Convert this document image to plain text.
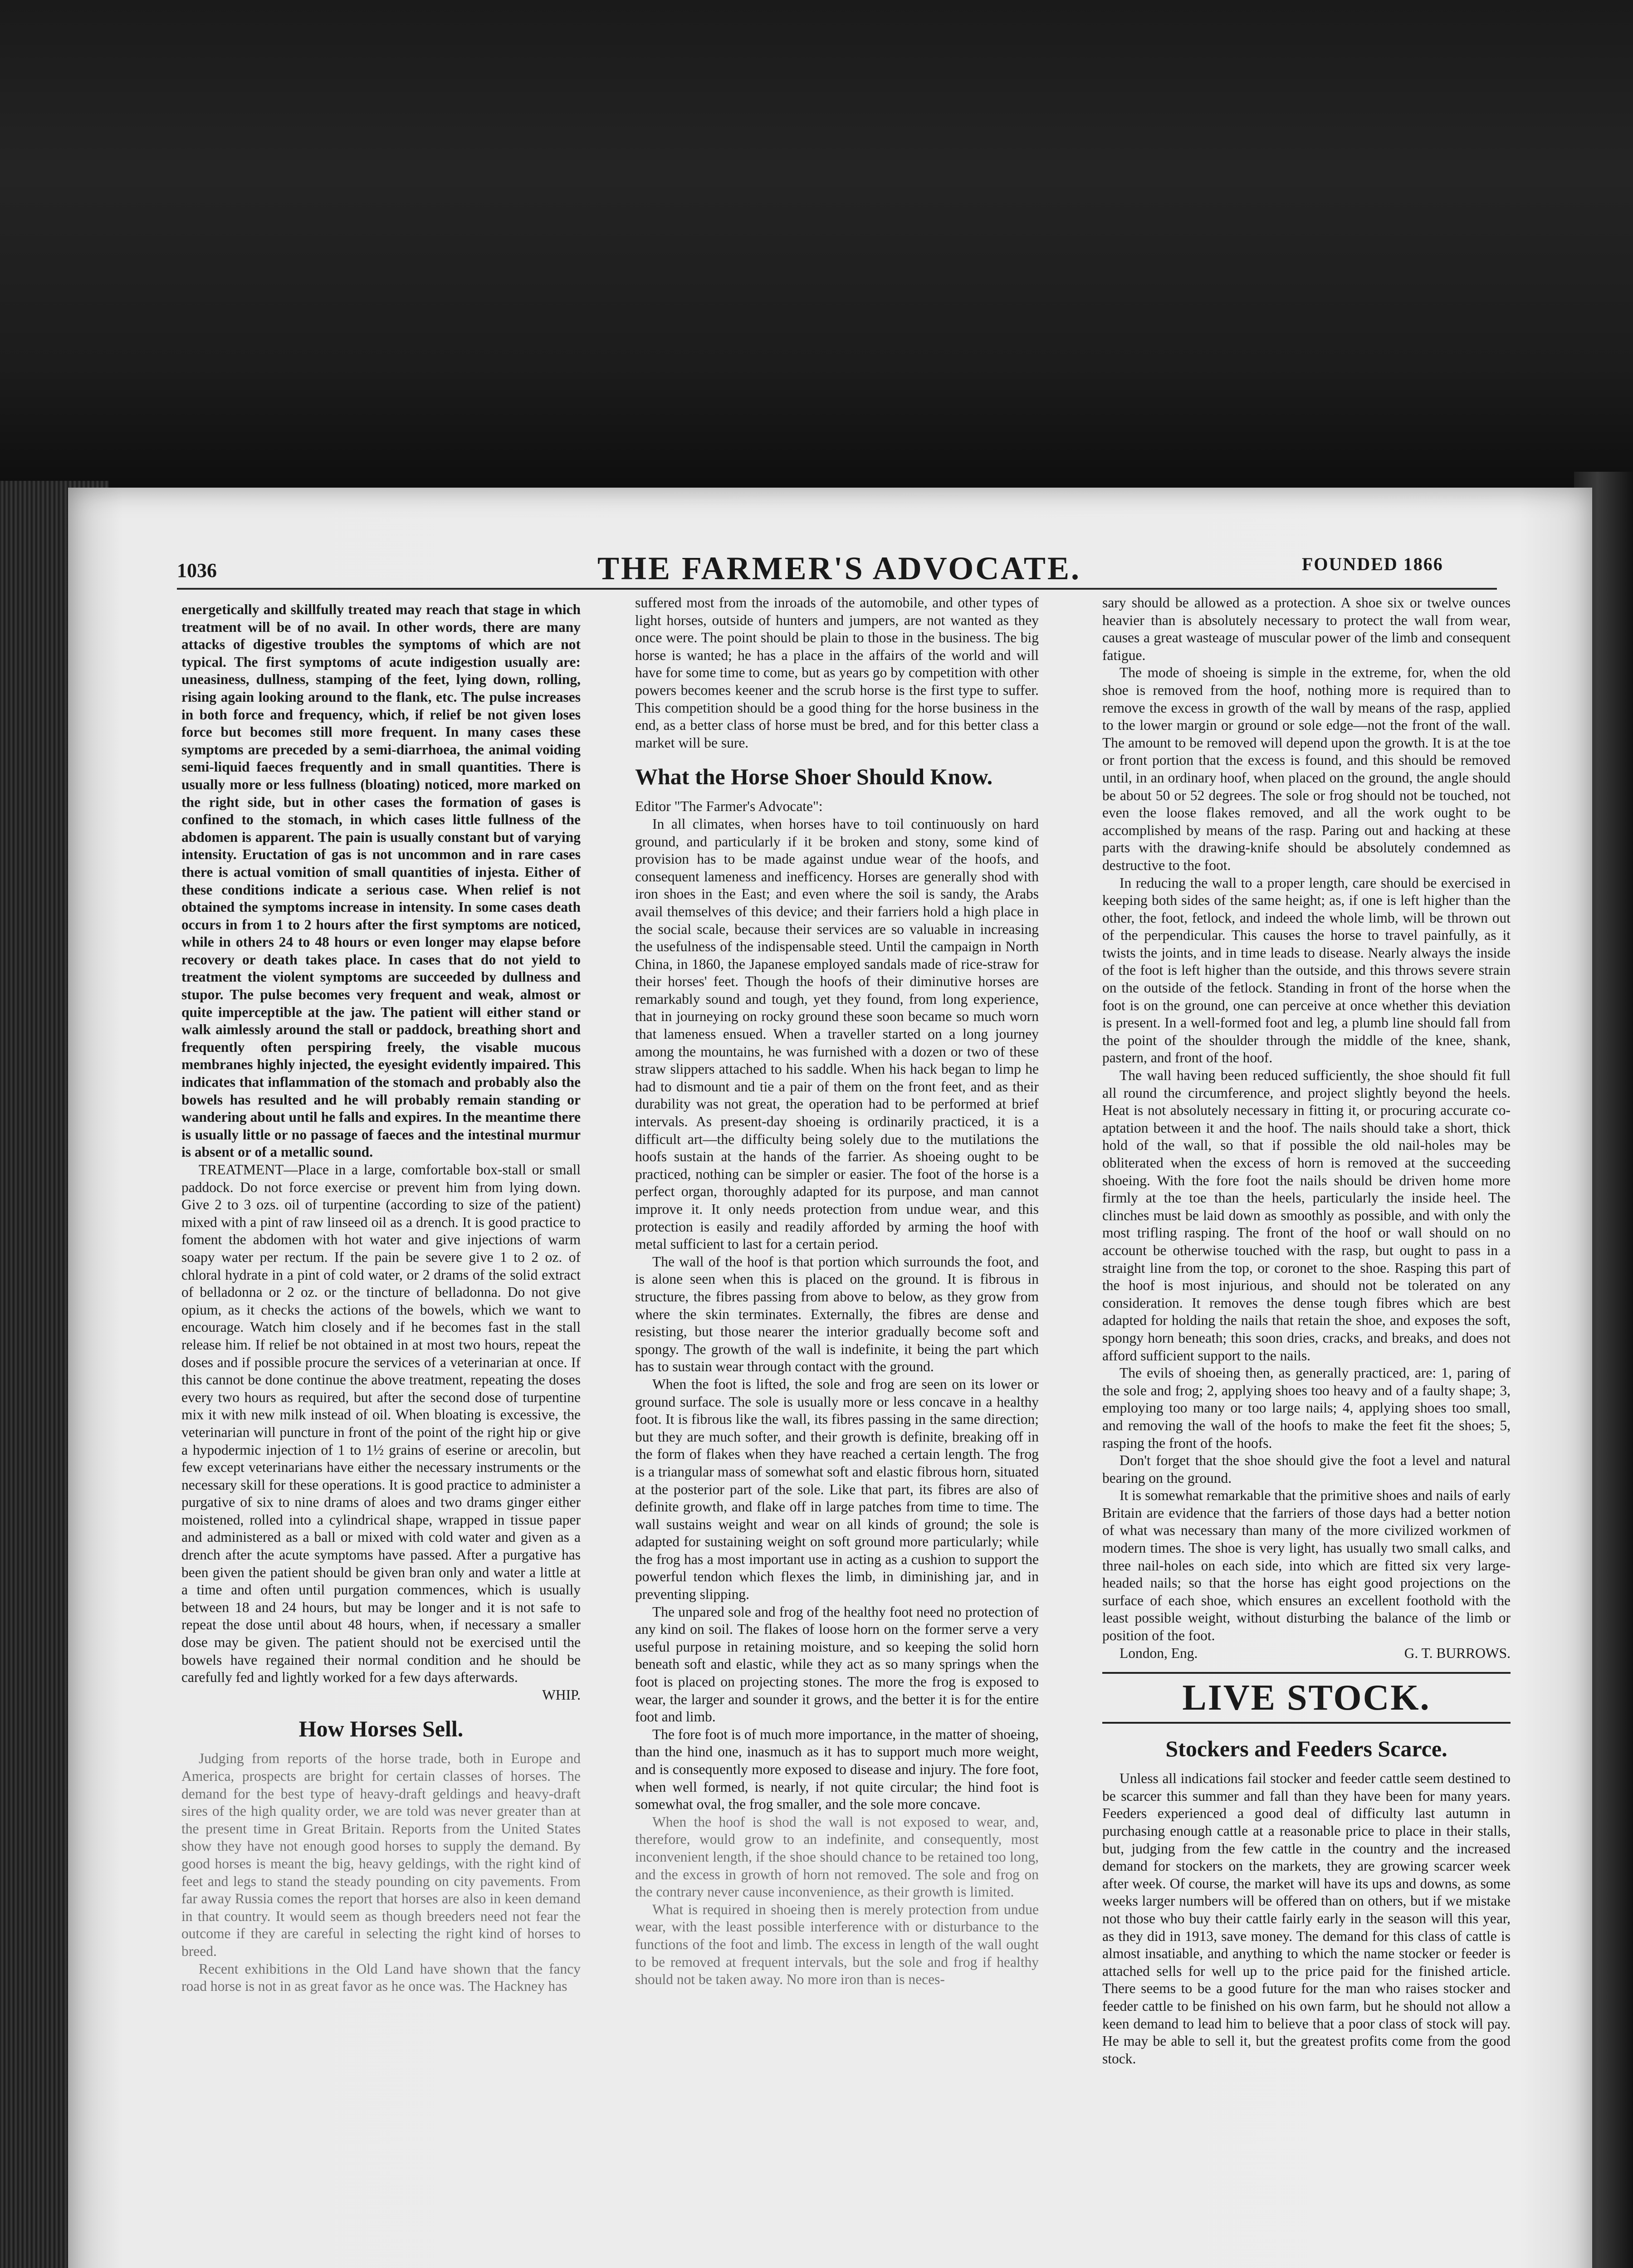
1036	THE FARMER'S ADVOCATE.	FOUNDED 1866

energetically and skillfully treated may reach that stage in which treatment will be of no avail. In other words, there are many attacks of digestive troubles the symptoms of which are not typical. The first symptoms of acute indigestion usually are: uneasiness, dullness, stamping of the feet, lying down, rolling, rising again looking around to the flank, etc. The pulse increases in both force and frequency, which, if relief be not given loses force but becomes still more frequent. In many cases these symptoms are preceded by a semi-diarrhoea, the animal voiding semi-liquid faeces frequently and in small quantities. There is usually more or less fullness (bloating) noticed, more marked on the right side, but in other cases the formation of gases is confined to the stomach, in which cases little fullness of the abdomen is apparent. The pain is usually constant but of varying intensity. Eructation of gas is not uncommon and in rare cases there is actual vomition of small quantities of injesta. Either of these conditions indicate a serious case. When relief is not obtained the symptoms increase in intensity. In some cases death occurs in from 1 to 2 hours after the first symptoms are noticed, while in others 24 to 48 hours or even longer may elapse before recovery or death takes place. In cases that do not yield to treatment the violent symptoms are succeeded by dullness and stupor. The pulse becomes very frequent and weak, almost or quite imperceptible at the jaw. The patient will either stand or walk aimlessly around the stall or paddock, breathing short and frequently often perspiring freely, the visable mucous membranes highly injected, the eyesight evidently impaired. This indicates that inflammation of the stomach and probably also the bowels has resulted and he will probably remain standing or wandering about until he falls and expires. In the meantime there is usually little or no passage of faeces and the intestinal murmur is absent or of a metallic sound.

TREATMENT—Place in a large, comfortable box-stall or small paddock. Do not force exercise or prevent him from lying down. Give 2 to 3 ozs. oil of turpentine (according to size of the patient) mixed with a pint of raw linseed oil as a drench. It is good practice to foment the abdomen with hot water and give injections of warm soapy water per rectum. If the pain be severe give 1 to 2 oz. of chloral hydrate in a pint of cold water, or 2 drams of the solid extract of belladonna or 2 oz. or the tincture of belladonna. Do not give opium, as it checks the actions of the bowels, which we want to encourage. Watch him closely and if he becomes fast in the stall release him. If relief be not obtained in at most two hours, repeat the doses and if possible procure the services of a veterinarian at once. If this cannot be done continue the above treatment, repeating the doses every two hours as required, but after the second dose of turpentine mix it with new milk instead of oil. When bloating is excessive, the veterinarian will puncture in front of the point of the right hip or give a hypodermic injection of 1 to 1½ grains of eserine or arecolin, but few except veterinarians have either the necessary instruments or the necessary skill for these operations. It is good practice to administer a purgative of six to nine drams of aloes and two drams ginger either moistened, rolled into a cylindrical shape, wrapped in tissue paper and administered as a ball or mixed with cold water and given as a drench after the acute symptoms have passed. After a purgative has been given the patient should be given bran only and water a little at a time and often until purgation commences, which is usually between 18 and 24 hours, but may be longer and it is not safe to repeat the dose until about 48 hours, when, if necessary a smaller dose may be given. The patient should not be exercised until the bowels have regained their normal condition and he should be carefully fed and lightly worked for a few days afterwards.

WHIP.

How Horses Sell.

Judging from reports of the horse trade, both in Europe and America, prospects are bright for certain classes of horses. The demand for the best type of heavy-draft geldings and heavy-draft sires of the high quality order, we are told was never greater than at the present time in Great Britain. Reports from the United States show they have not enough good horses to supply the demand. By good horses is meant the big, heavy geldings, with the right kind of feet and legs to stand the steady pounding on city pavements. From far away Russia comes the report that horses are also in keen demand in that country. It would seem as though breeders need not fear the outcome if they are careful in selecting the right kind of horses to breed.

Recent exhibitions in the Old Land have shown that the fancy road horse is not in as great favor as he once was. The Hackney has

suffered most from the inroads of the automobile, and other types of light horses, outside of hunters and jumpers, are not wanted as they once were. The point should be plain to those in the business. The big horse is wanted; he has a place in the affairs of the world and will have for some time to come, but as years go by competition with other powers becomes keener and the scrub horse is the first type to suffer. This competition should be a good thing for the horse business in the end, as a better class of horse must be bred, and for this better class a market will be sure.

What the Horse Shoer Should Know.

Editor "The Farmer's Advocate":

In all climates, when horses have to toil continuously on hard ground, and particularly if it be broken and stony, some kind of provision has to be made against undue wear of the hoofs, and consequent lameness and inefficency. Horses are generally shod with iron shoes in the East; and even where the soil is sandy, the Arabs avail themselves of this device; and their farriers hold a high place in the social scale, because their services are so valuable in increasing the usefulness of the indispensable steed. Until the campaign in North China, in 1860, the Japanese employed sandals made of rice-straw for their horses' feet. Though the hoofs of their diminutive horses are remarkably sound and tough, yet they found, from long experience, that in journeying on rocky ground these soon became so much worn that lameness ensued. When a traveller started on a long journey among the mountains, he was furnished with a dozen or two of these straw slippers attached to his saddle. When his hack began to limp he had to dismount and tie a pair of them on the front feet, and as their durability was not great, the operation had to be performed at brief intervals. As present-day shoeing is ordinarily practiced, it is a difficult art—the difficulty being solely due to the mutilations the hoofs sustain at the hands of the farrier. As shoeing ought to be practiced, nothing can be simpler or easier. The foot of the horse is a perfect organ, thoroughly adapted for its purpose, and man cannot improve it. It only needs protection from undue wear, and this protection is easily and readily afforded by arming the hoof with metal sufficient to last for a certain period.

The wall of the hoof is that portion which surrounds the foot, and is alone seen when this is placed on the ground. It is fibrous in structure, the fibres passing from above to below, as they grow from where the skin terminates. Externally, the fibres are dense and resisting, but those nearer the interior gradually become soft and spongy. The growth of the wall is indefinite, it being the part which has to sustain wear through contact with the ground.

When the foot is lifted, the sole and frog are seen on its lower or ground surface. The sole is usually more or less concave in a healthy foot. It is fibrous like the wall, its fibres passing in the same direction; but they are much softer, and their growth is definite, breaking off in the form of flakes when they have reached a certain length. The frog is a triangular mass of somewhat soft and elastic fibrous horn, situated at the posterior part of the sole. Like that part, its fibres are also of definite growth, and flake off in large patches from time to time. The wall sustains weight and wear on all kinds of ground; the sole is adapted for sustaining weight on soft ground more particularly; while the frog has a most important use in acting as a cushion to support the powerful tendon which flexes the limb, in diminishing jar, and in preventing slipping.

The unpared sole and frog of the healthy foot need no protection of any kind on soil. The flakes of loose horn on the former serve a very useful purpose in retaining moisture, and so keeping the solid horn beneath soft and elastic, while they act as so many springs when the foot is placed on projecting stones. The more the frog is exposed to wear, the larger and sounder it grows, and the better it is for the entire foot and limb.

The fore foot is of much more importance, in the matter of shoeing, than the hind one, inasmuch as it has to support much more weight, and is consequently more exposed to disease and injury. The fore foot, when well formed, is nearly, if not quite circular; the hind foot is somewhat oval, the frog smaller, and the sole more concave.

When the hoof is shod the wall is not exposed to wear, and, therefore, would grow to an indefinite, and consequently, most inconvenient length, if the shoe should chance to be retained too long, and the excess in growth of horn not removed. The sole and frog on the contrary never cause inconvenience, as their growth is limited.

What is required in shoeing then is merely protection from undue wear, with the least possible interference with or disturbance to the functions of the foot and limb. The excess in length of the wall ought to be removed at frequent intervals, but the sole and frog if healthy should not be taken away. No more iron than is neces-

sary should be allowed as a protection. A shoe six or twelve ounces heavier than is absolutely necessary to protect the wall from wear, causes a great wasteage of muscular power of the limb and consequent fatigue.

The mode of shoeing is simple in the extreme, for, when the old shoe is removed from the hoof, nothing more is required than to remove the excess in growth of the wall by means of the rasp, applied to the lower margin or ground or sole edge—not the front of the wall. The amount to be removed will depend upon the growth. It is at the toe or front portion that the excess is found, and this should be removed until, in an ordinary hoof, when placed on the ground, the angle should be about 50 or 52 degrees. The sole or frog should not be touched, not even the loose flakes removed, and all the work ought to be accomplished by means of the rasp. Paring out and hacking at these parts with the drawing-knife should be absolutely condemned as destructive to the foot.

In reducing the wall to a proper length, care should be exercised in keeping both sides of the same height; as, if one is left higher than the other, the foot, fetlock, and indeed the whole limb, will be thrown out of the perpendicular. This causes the horse to travel painfully, as it twists the joints, and in time leads to disease. Nearly always the inside of the foot is left higher than the outside, and this throws severe strain on the outside of the fetlock. Standing in front of the horse when the foot is on the ground, one can perceive at once whether this deviation is present. In a well-formed foot and leg, a plumb line should fall from the point of the shoulder through the middle of the knee, shank, pastern, and front of the hoof.

The wall having been reduced sufficiently, the shoe should fit full all round the circumference, and project slightly beyond the heels. Heat is not absolutely necessary in fitting it, or procuring accurate co-aptation between it and the hoof. The nails should take a short, thick hold of the wall, so that if possible the old nail-holes may be obliterated when the excess of horn is removed at the succeeding shoeing. With the fore foot the nails should be driven home more firmly at the toe than the heels, particularly the inside heel. The clinches must be laid down as smoothly as possible, and with only the most trifling rasping. The front of the hoof or wall should on no account be otherwise touched with the rasp, but ought to pass in a straight line from the top, or coronet to the shoe. Rasping this part of the hoof is most injurious, and should not be tolerated on any consideration. It removes the dense tough fibres which are best adapted for holding the nails that retain the shoe, and exposes the soft, spongy horn beneath; this soon dries, cracks, and breaks, and does not afford sufficient support to the nails.

The evils of shoeing then, as generally practiced, are: 1, paring of the sole and frog; 2, applying shoes too heavy and of a faulty shape; 3, employing too many or too large nails; 4, applying shoes too small, and removing the wall of the hoofs to make the feet fit the shoes; 5, rasping the front of the hoofs.

Don't forget that the shoe should give the foot a level and natural bearing on the ground.

It is somewhat remarkable that the primitive shoes and nails of early Britain are evidence that the farriers of those days had a better notion of what was necessary than many of the more civilized workmen of modern times. The shoe is very light, has usually two small calks, and three nail-holes on each side, into which are fitted six very large-headed nails; so that the horse has eight good projections on the surface of each shoe, which ensures an excellent foothold with the least possible weight, without disturbing the balance of the limb or position of the foot.

London, Eng.	G. T. BURROWS.

LIVE STOCK.
Stockers and Feeders Scarce.

Unless all indications fail stocker and feeder cattle seem destined to be scarcer this summer and fall than they have been for many years. Feeders experienced a good deal of difficulty last autumn in purchasing enough cattle at a reasonable price to place in their stalls, but, judging from the few cattle in the country and the increased demand for stockers on the markets, they are growing scarcer week after week. Of course, the market will have its ups and downs, as some weeks larger numbers will be offered than on others, but if we mistake not those who buy their cattle fairly early in the season will this year, as they did in 1913, save money. The demand for this class of cattle is almost insatiable, and anything to which the name stocker or feeder is attached sells for well up to the price paid for the finished article. There seems to be a good future for the man who raises stocker and feeder cattle to be finished on his own farm, but he should not allow a keen demand to lead him to believe that a poor class of stock will pay. He may be able to sell it, but the greatest profits come from the good stock.
